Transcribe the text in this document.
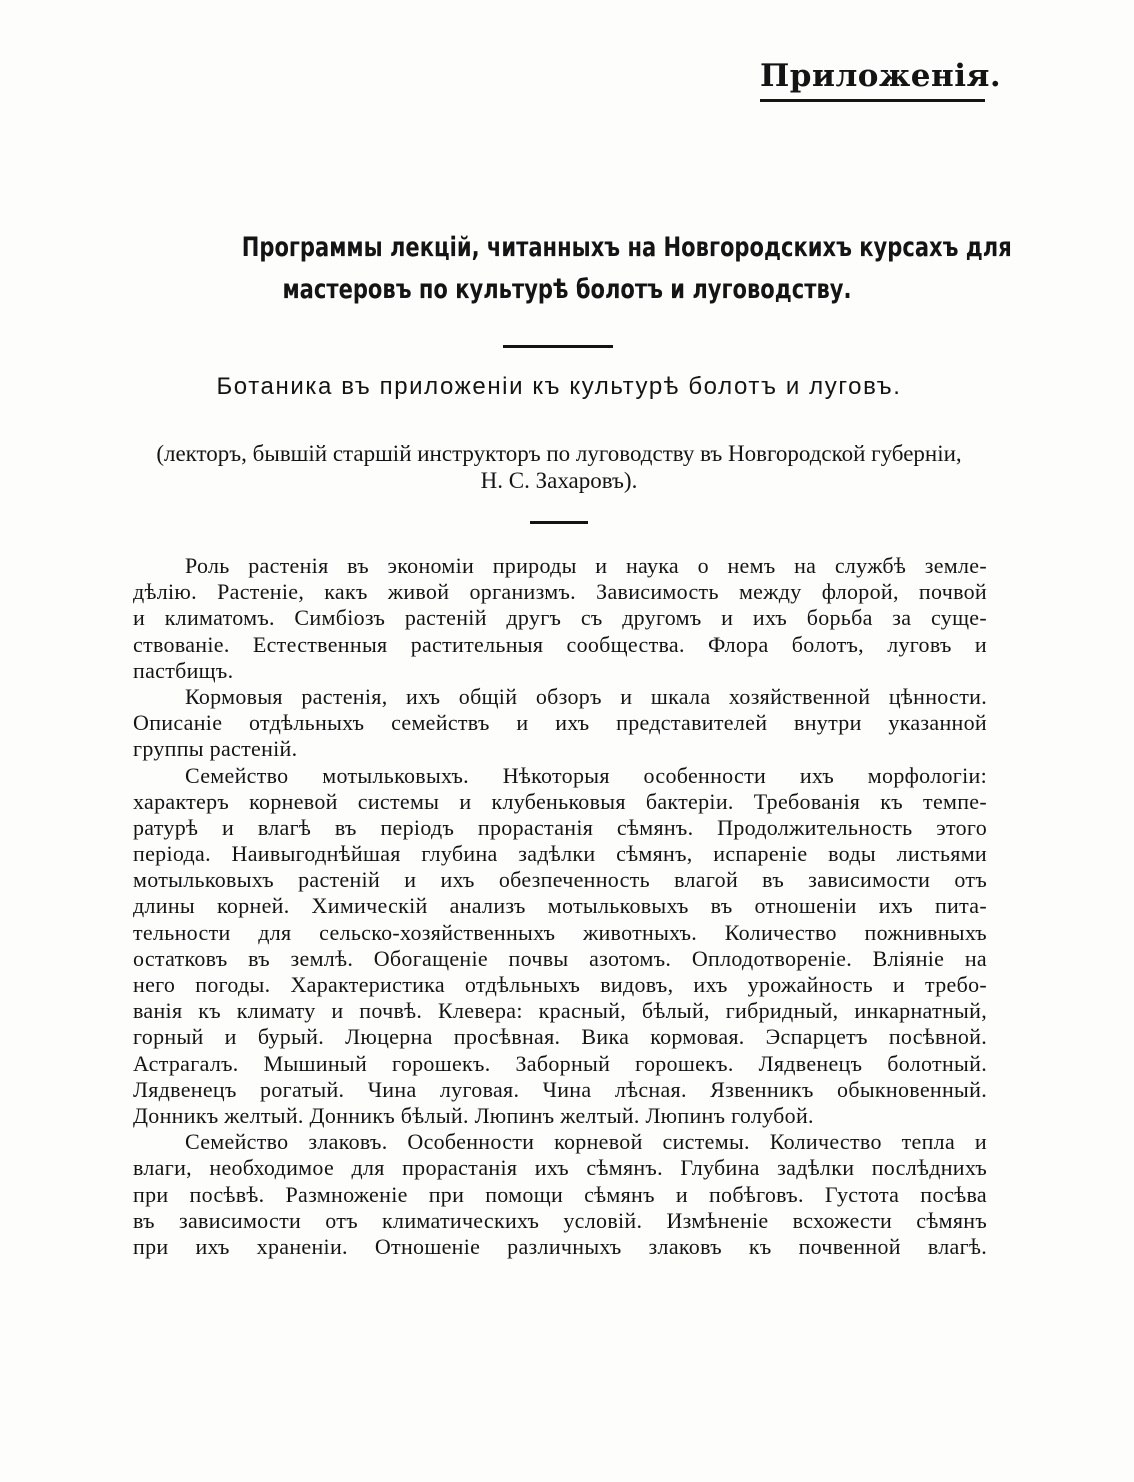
Приложенія.
Программы лекцій, читанныхъ на Новгородскихъ курсахъ для
мастеровъ по культурѣ болотъ и луговодству.
Ботаника въ приложеніи къ культурѣ болотъ и луговъ.
(лекторъ, бывшій старшій инструкторъ по луговодству въ Новгородской губерніи,
Н. С. Захаровъ).
Роль растенія въ экономіи природы и наука о немъ на службѣ земле-
дѣлію. Растеніе, какъ живой организмъ. Зависимость между флорой, почвой
и климатомъ. Симбіозъ растеній другъ съ другомъ и ихъ борьба за суще-
ствованіе. Естественныя растительныя сообщества. Флора болотъ, луговъ и
пастбищъ.
Кормовыя растенія, ихъ общій обзоръ и шкала хозяйственной цѣнности.
Описаніе отдѣльныхъ семействъ и ихъ представителей внутри указанной
группы растеній.
Семейство мотыльковыхъ. Нѣкоторыя особенности ихъ морфологіи:
характеръ корневой системы и клубеньковыя бактеріи. Требованія къ темпе-
ратурѣ и влагѣ въ періодъ прорастанія сѣмянъ. Продолжительность этого
періода. Наивыгоднѣйшая глубина задѣлки сѣмянъ, испареніе воды листьями
мотыльковыхъ растеній и ихъ обезпеченность влагой въ зависимости отъ
длины корней. Химическій анализъ мотыльковыхъ въ отношеніи ихъ пита-
тельности для сельско-хозяйственныхъ животныхъ. Количество пожнивныхъ
остатковъ въ землѣ. Обогащеніе почвы азотомъ. Оплодотвореніе. Вліяніе на
него погоды. Характеристика отдѣльныхъ видовъ, ихъ урожайность и требо-
ванія къ климату и почвѣ. Клевера: красный, бѣлый, гибридный, инкарнатный,
горный и бурый. Люцерна просѣвная. Вика кормовая. Эспарцетъ посѣвной.
Астрагалъ. Мышиный горошекъ. Заборный горошекъ. Лядвенецъ болотный.
Лядвенецъ рогатый. Чина луговая. Чина лѣсная. Язвенникъ обыкновенный.
Донникъ желтый. Донникъ бѣлый. Люпинъ желтый. Люпинъ голубой.
Семейство злаковъ. Особенности корневой системы. Количество тепла и
влаги, необходимое для прорастанія ихъ сѣмянъ. Глубина задѣлки послѣднихъ
при посѣвѣ. Размноженіе при помощи сѣмянъ и побѣговъ. Густота посѣва
въ зависимости отъ климатическихъ условій. Измѣненіе всхожести сѣмянъ
при ихъ храненіи. Отношеніе различныхъ злаковъ къ почвенной влагѣ.
